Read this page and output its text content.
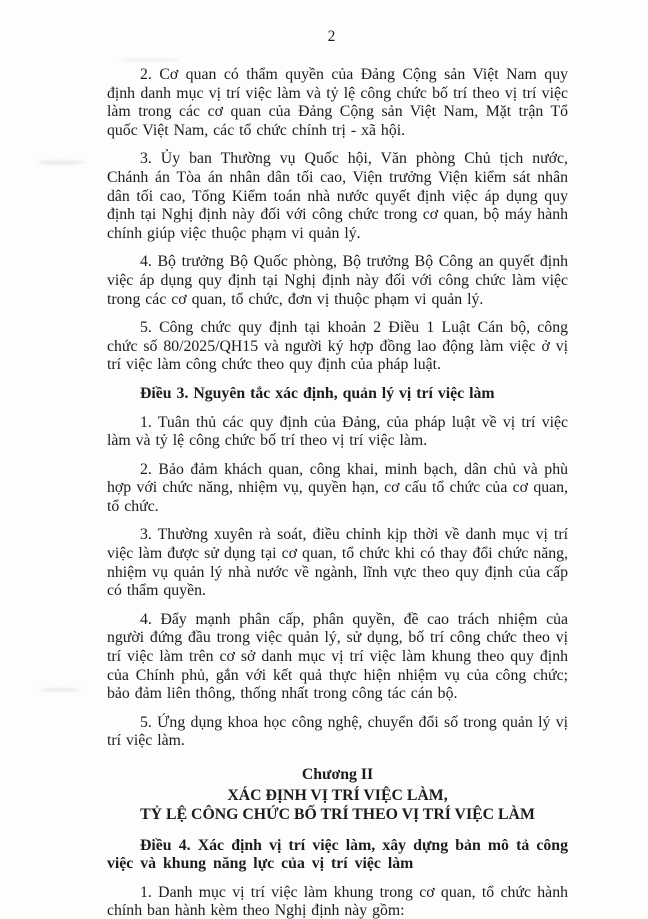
2

2. Cơ quan có thẩm quyền của Đảng Cộng sản Việt Nam quy định danh mục vị trí việc làm và tỷ lệ công chức bố trí theo vị trí việc làm trong các cơ quan của Đảng Cộng sản Việt Nam, Mặt trận Tổ quốc Việt Nam, các tổ chức chính trị - xã hội.

3. Ủy ban Thường vụ Quốc hội, Văn phòng Chủ tịch nước, Chánh án Tòa án nhân dân tối cao, Viện trưởng Viện kiểm sát nhân dân tối cao, Tổng Kiểm toán nhà nước quyết định việc áp dụng quy định tại Nghị định này đối với công chức trong cơ quan, bộ máy hành chính giúp việc thuộc phạm vi quản lý.

4. Bộ trưởng Bộ Quốc phòng, Bộ trưởng Bộ Công an quyết định việc áp dụng quy định tại Nghị định này đối với công chức làm việc trong các cơ quan, tổ chức, đơn vị thuộc phạm vi quản lý.

5. Công chức quy định tại khoản 2 Điều 1 Luật Cán bộ, công chức số 80/2025/QH15 và người ký hợp đồng lao động làm việc ở vị trí việc làm công chức theo quy định của pháp luật.

Điều 3. Nguyên tắc xác định, quản lý vị trí việc làm

1. Tuân thủ các quy định của Đảng, của pháp luật về vị trí việc làm và tỷ lệ công chức bố trí theo vị trí việc làm.

2. Bảo đảm khách quan, công khai, minh bạch, dân chủ và phù hợp với chức năng, nhiệm vụ, quyền hạn, cơ cấu tổ chức của cơ quan, tổ chức.

3. Thường xuyên rà soát, điều chỉnh kịp thời về danh mục vị trí việc làm được sử dụng tại cơ quan, tổ chức khi có thay đổi chức năng, nhiệm vụ quản lý nhà nước về ngành, lĩnh vực theo quy định của cấp có thẩm quyền.

4. Đẩy mạnh phân cấp, phân quyền, đề cao trách nhiệm của người đứng đầu trong việc quản lý, sử dụng, bố trí công chức theo vị trí việc làm trên cơ sở danh mục vị trí việc làm khung theo quy định của Chính phủ, gắn với kết quả thực hiện nhiệm vụ của công chức; bảo đảm liên thông, thống nhất trong công tác cán bộ.

5. Ứng dụng khoa học công nghệ, chuyển đổi số trong quản lý vị trí việc làm.

Chương II
XÁC ĐỊNH VỊ TRÍ VIỆC LÀM,
TỶ LỆ CÔNG CHỨC BỐ TRÍ THEO VỊ TRÍ VIỆC LÀM

Điều 4. Xác định vị trí việc làm, xây dựng bản mô tả công việc và khung năng lực của vị trí việc làm

1. Danh mục vị trí việc làm khung trong cơ quan, tổ chức hành chính ban hành kèm theo Nghị định này gồm:
